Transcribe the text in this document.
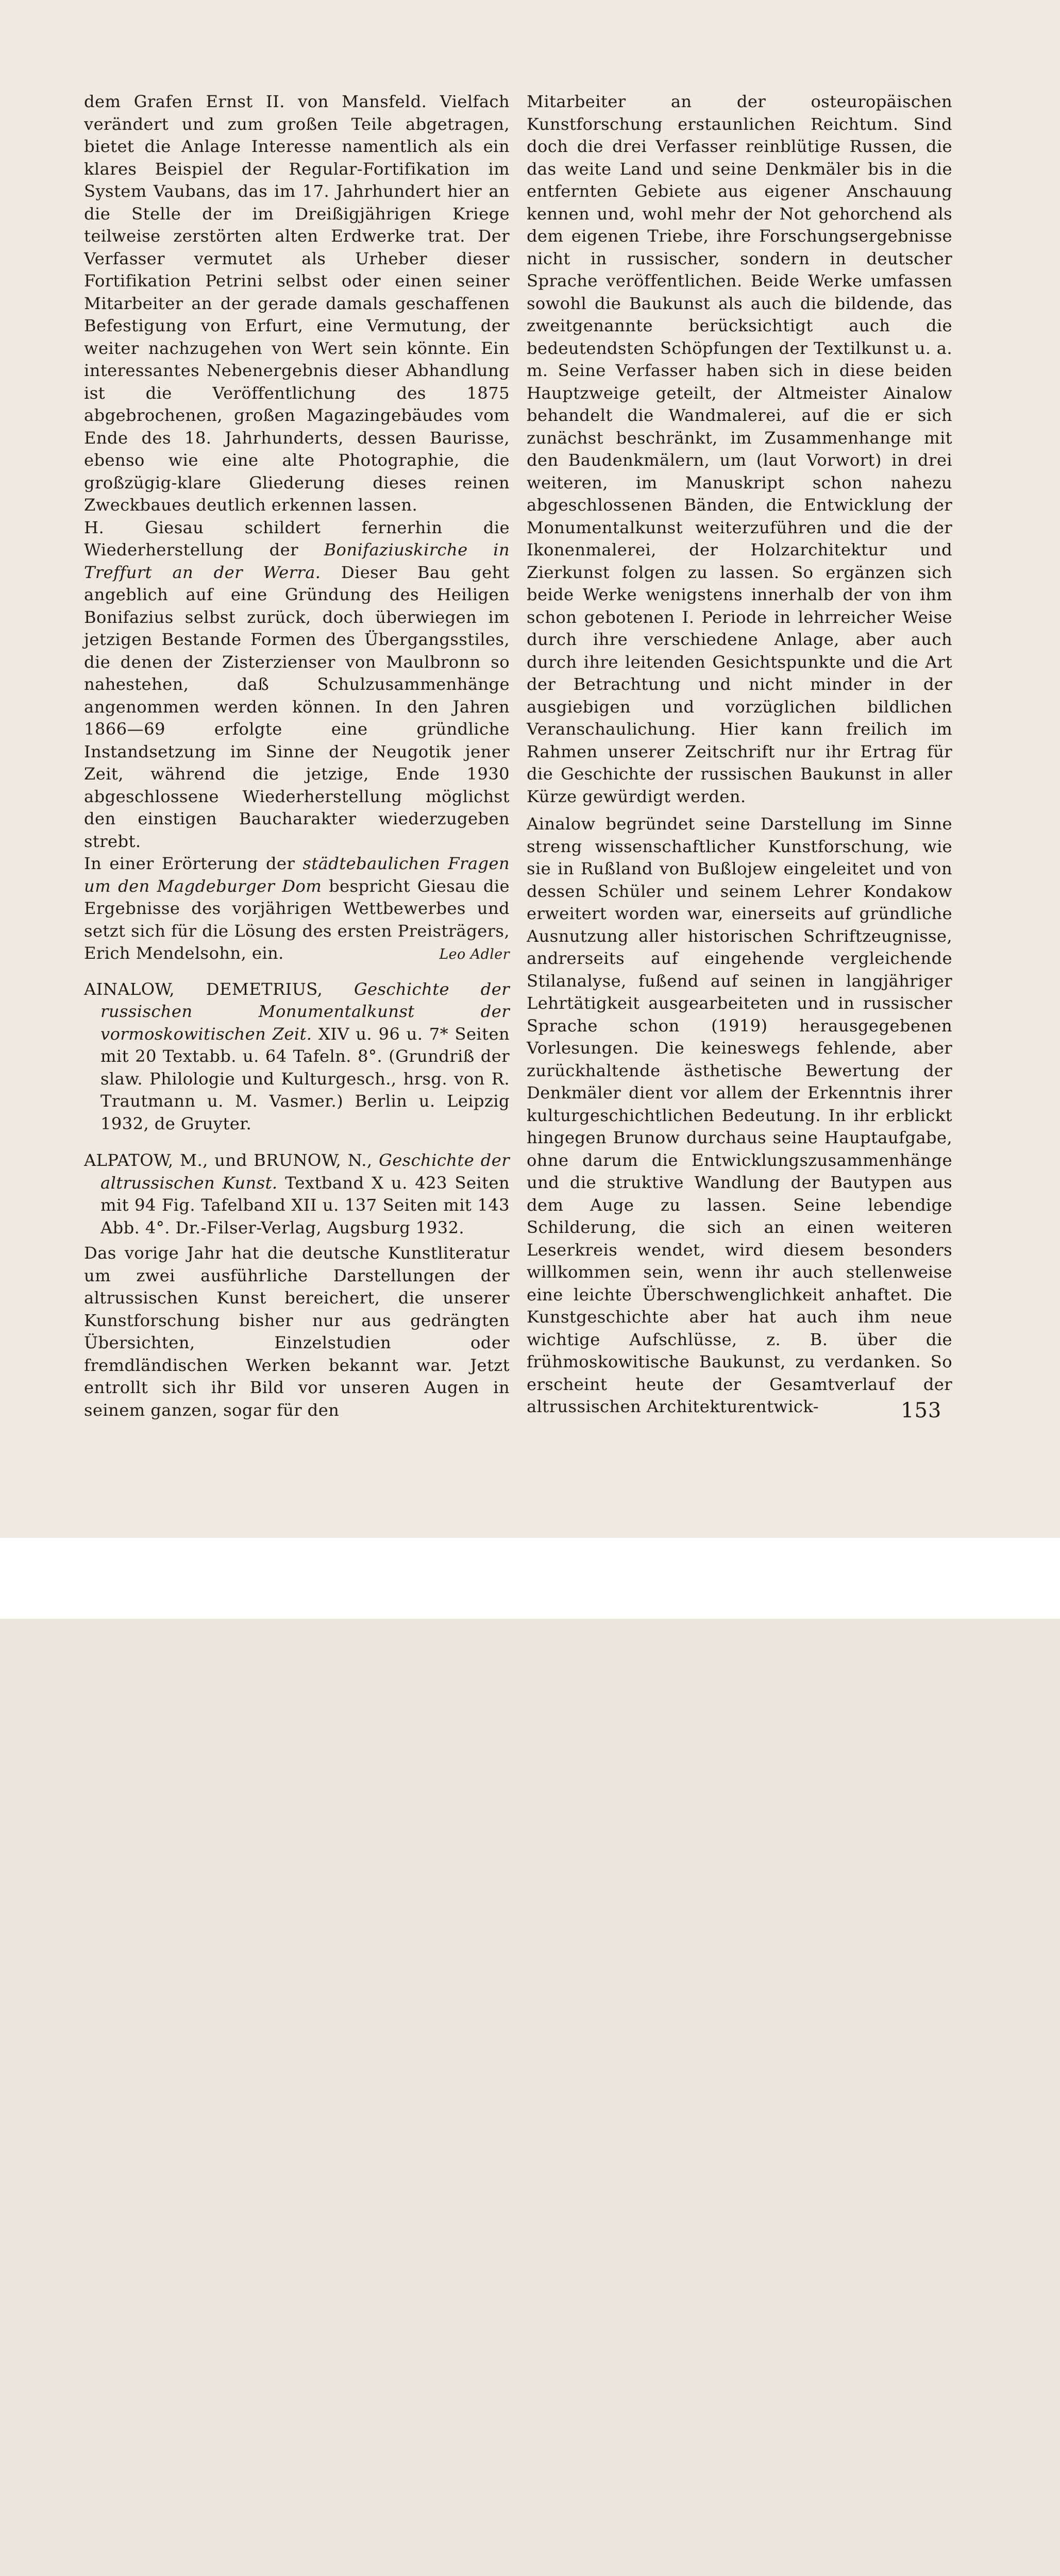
dem Grafen Ernst II. von Mansfeld. Vielfach verändert und zum großen Teile abgetragen, bietet die Anlage Interesse namentlich als ein klares Beispiel der Regular-Fortifikation im System Vaubans, das im 17. Jahrhundert hier an die Stelle der im Dreißigjährigen Kriege teilweise zerstörten alten Erdwerke trat. Der Verfasser vermutet als Urheber dieser Fortifikation Petrini selbst oder einen seiner Mitarbeiter an der gerade damals geschaffenen Befestigung von Erfurt, eine Vermutung, der weiter nachzugehen von Wert sein könnte. Ein interessantes Nebenergebnis dieser Abhandlung ist die Veröffentlichung des 1875 abgebrochenen, großen Magazingebäudes vom Ende des 18. Jahrhunderts, dessen Baurisse, ebenso wie eine alte Photographie, die großzügig-klare Gliederung dieses reinen Zweckbaues deutlich erkennen lassen.

H. Giesau schildert fernerhin die Wiederherstellung der Bonifaziuskirche in Treffurt an der Werra. Dieser Bau geht angeblich auf eine Gründung des Heiligen Bonifazius selbst zurück, doch überwiegen im jetzigen Bestande Formen des Übergangsstiles, die denen der Zisterzienser von Maulbronn so nahestehen, daß Schulzusammenhänge angenommen werden können. In den Jahren 1866—69 erfolgte eine gründliche Instandsetzung im Sinne der Neugotik jener Zeit, während die jetzige, Ende 1930 abgeschlossene Wiederherstellung möglichst den einstigen Baucharakter wiederzugeben strebt.

In einer Erörterung der städtebaulichen Fragen um den Magdeburger Dom bespricht Giesau die Ergebnisse des vorjährigen Wettbewerbes und setzt sich für die Lösung des ersten Preisträgers, Erich Mendelsohn, ein.	Leo Adler

AINALOW, DEMETRIUS, Geschichte der russischen Monumentalkunst der vormoskowitischen Zeit. XIV u. 96 u. 7* Seiten mit 20 Textabb. u. 64 Tafeln. 8°. (Grundriß der slaw. Philologie und Kulturgesch., hrsg. von R. Trautmann u. M. Vasmer.) Berlin u. Leipzig 1932, de Gruyter.

ALPATOW, M., und BRUNOW, N., Geschichte der altrussischen Kunst. Textband X u. 423 Seiten mit 94 Fig. Tafelband XII u. 137 Seiten mit 143 Abb. 4°. Dr.-Filser-Verlag, Augsburg 1932.

Das vorige Jahr hat die deutsche Kunstliteratur um zwei ausführliche Darstellungen der altrussischen Kunst bereichert, die unserer Kunstforschung bisher nur aus gedrängten Übersichten, Einzelstudien oder fremdländischen Werken bekannt war. Jetzt entrollt sich ihr Bild vor unseren Augen in seinem ganzen, sogar für den

Mitarbeiter an der osteuropäischen Kunstforschung erstaunlichen Reichtum. Sind doch die drei Verfasser reinblütige Russen, die das weite Land und seine Denkmäler bis in die entfernten Gebiete aus eigener Anschauung kennen und, wohl mehr der Not gehorchend als dem eigenen Triebe, ihre Forschungsergebnisse nicht in russischer, sondern in deutscher Sprache veröffentlichen. Beide Werke umfassen sowohl die Baukunst als auch die bildende, das zweitgenannte berücksichtigt auch die bedeutendsten Schöpfungen der Textilkunst u. a. m. Seine Verfasser haben sich in diese beiden Hauptzweige geteilt, der Altmeister Ainalow behandelt die Wandmalerei, auf die er sich zunächst beschränkt, im Zusammenhange mit den Baudenkmälern, um (laut Vorwort) in drei weiteren, im Manuskript schon nahezu abgeschlossenen Bänden, die Entwicklung der Monumentalkunst weiterzuführen und die der Ikonenmalerei, der Holzarchitektur und Zierkunst folgen zu lassen. So ergänzen sich beide Werke wenigstens innerhalb der von ihm schon gebotenen I. Periode in lehrreicher Weise durch ihre verschiedene Anlage, aber auch durch ihre leitenden Gesichtspunkte und die Art der Betrachtung und nicht minder in der ausgiebigen und vorzüglichen bildlichen Veranschaulichung. Hier kann freilich im Rahmen unserer Zeitschrift nur ihr Ertrag für die Geschichte der russischen Baukunst in aller Kürze gewürdigt werden.

Ainalow begründet seine Darstellung im Sinne streng wissenschaftlicher Kunstforschung, wie sie in Rußland von Bußlojew eingeleitet und von dessen Schüler und seinem Lehrer Kondakow erweitert worden war, einerseits auf gründliche Ausnutzung aller historischen Schriftzeugnisse, andrerseits auf eingehende vergleichende Stilanalyse, fußend auf seinen in langjähriger Lehrtätigkeit ausgearbeiteten und in russischer Sprache schon (1919) herausgegebenen Vorlesungen. Die keineswegs fehlende, aber zurückhaltende ästhetische Bewertung der Denkmäler dient vor allem der Erkenntnis ihrer kulturgeschichtlichen Bedeutung. In ihr erblickt hingegen Brunow durchaus seine Hauptaufgabe, ohne darum die Entwicklungszusammenhänge und die struktive Wandlung der Bautypen aus dem Auge zu lassen. Seine lebendige Schilderung, die sich an einen weiteren Leserkreis wendet, wird diesem besonders willkommen sein, wenn ihr auch stellenweise eine leichte Überschwenglichkeit anhaftet. Die Kunstgeschichte aber hat auch ihm neue wichtige Aufschlüsse, z. B. über die frühmoskowitische Baukunst, zu verdanken. So erscheint heute der Gesamtverlauf der altrussischen Architekturentwick-	153
